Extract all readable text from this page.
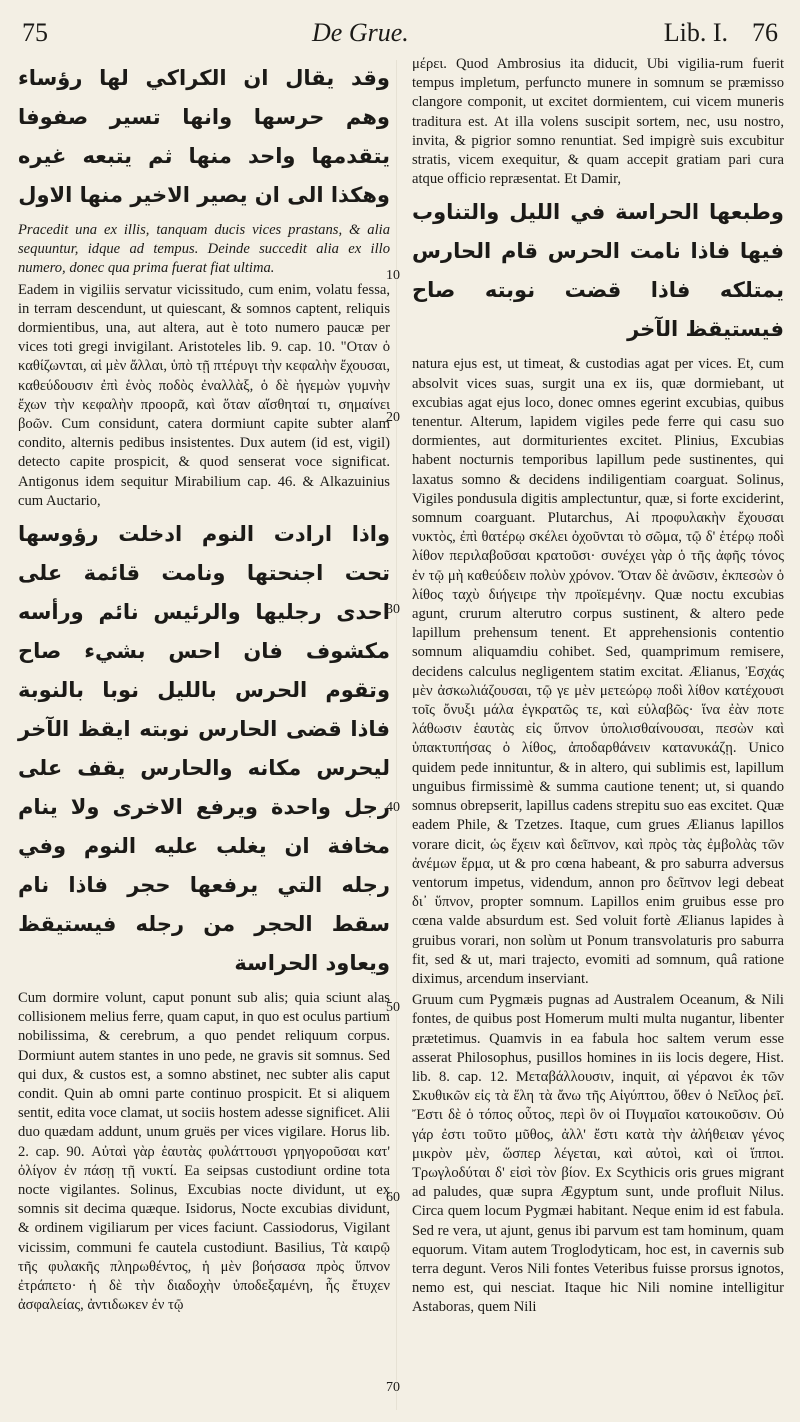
75	De Grue.	Lib. I. 76
10
20
30
40
50
60
70
وقد يقال ان الكراكي لها رؤساء وهم حرسها وانها تسير صفوفا يتقدمها واحد منها ثم يتبعه غيره وهكذا الى ان يصير الاخير منها الاول

Pracedit una ex illis, tanquam ducis vices prastans, & alia sequuntur, idque ad tempus. Deinde succedit alia ex illo numero, donec qua prima fuerat fiat ultima.

Eadem in vigiliis servatur vicissitudo, cum enim, volatu fessa, in terram descendunt, ut quiescant, & somnos captent, reliquis dormientibus, una, aut altera, aut è toto numero paucæ per vices toti gregi invigilant. Aristoteles lib. 9. cap. 10. "Οταν ὁ καθίζωνται, αἱ μὲν ἄλλαι, ὑπὸ τῇ πτέρυγι τὴν κεφαλὴν ἔχουσαι, καθεύδουσιν ἐπὶ ἑνὸς ποδὸς ἐναλλὰξ, ὁ δὲ ἡγεμὼν γυμνὴν ἔχων τὴν κεφαλὴν προορᾶ, καὶ ὅταν αἴσθηταί τι, σημαίνει βοῶν. Cum considunt, catera dormiunt capite subter alam condito, alternis pedibus insistentes. Dux autem (id est, vigil) detecto capite prospicit, & quod senserat voce significat. Antigonus idem sequitur Mirabilium cap. 46. & Alkazuinius cum Auctario,

واذا ارادت النوم ادخلت رؤوسها تحت اجنحتها ونامت قائمة على احدى رجليها والرئيس نائم ورأسه مكشوف فان احس بشيء صاح وتقوم الحرس بالليل نوبا بالنوبة فاذا قضى الحارس نوبته ايقظ الآخر ليحرس مكانه والحارس يقف على رجل واحدة ويرفع الاخرى ولا ينام مخافة ان يغلب عليه النوم وفي رجله التي يرفعها حجر فاذا نام سقط الحجر من رجله فيستيقظ ويعاود الحراسة

Cum dormire volunt, caput ponunt sub alis; quia sciunt alas collisionem melius ferre, quam caput, in quo est oculus partium nobilissima, & cerebrum, a quo pendet reliquum corpus. Dormiunt autem stantes in uno pede, ne gravis sit somnus. Sed qui dux, & custos est, a somno abstinet, nec subter alis caput condit. Quin ab omni parte continuo prospicit. Et si aliquem sentit, edita voce clamat, ut sociis hostem adesse significet. Alii duo quædam addunt, unum gruës per vices vigilare. Horus lib. 2. cap. 90. Αὐταὶ γὰρ ἑαυτὰς φυλάττουσι γρηγοροῦσαι κατ' ὀλίγον ἐν πάσῃ τῇ νυκτί. Ea seipsas custodiunt ordine tota nocte vigilantes. Solinus, Excubias nocte dividunt, ut ex somnis sit decima quæque. Isidorus, Nocte excubias dividunt, & ordinem vigiliarum per vices faciunt. Cassiodorus, Vigilant vicissim, communi fe cautela custodiunt. Basilius, Τὰ καιρῷ τῆς φυλακῆς πληρωθέντος, ἡ μὲν βοήσασα πρὸς ὕπνον ἐτράπετο· ἡ δὲ τὴν διαδοχὴν ὑποδεξαμένη, ἧς ἔτυχεν ἀσφαλείας, ἀντιδωκεν ἐν τῷ

μέρει. Quod Ambrosius ita diducit, Ubi vigilia-rum fuerit tempus impletum, perfuncto munere in somnum se præmisso clangore componit, ut excitet dormientem, cui vicem muneris traditura est. At illa volens suscipit sortem, nec, usu nostro, invita, & pigrior somno renuntiat. Sed impigrè suis excubitur stratis, vicem exequitur, & quam accepit gratiam pari cura atque officio repræsentat. Et Damir,

وطبعها الحراسة في الليل والتناوب فيها فاذا نامت الحرس قام الحارس يمتلكه فاذا قضت نوبته صاح فيستيقظ الآخر

natura ejus est, ut timeat, & custodias agat per vices. Et, cum absolvit vices suas, surgit una ex iis, quæ dormiebant, ut excubias agat ejus loco, donec omnes egerint excubias, quibus tenentur. Alterum, lapidem vigiles pede ferre qui casu suo dormientes, aut dormiturientes excitet. Plinius, Excubias habent nocturnis temporibus lapillum pede sustinentes, qui laxatus somno & decidens indiligentiam coarguat. Solinus, Vigiles pondusula digitis amplectuntur, quæ, si forte exciderint, somnum coarguant. Plutarchus, Αἱ προφυλακὴν ἔχουσαι νυκτὸς, ἐπὶ θατέρῳ σκέλει ὀχοῦνται τὸ σῶμα, τῷ δ' ἑτέρῳ ποδὶ λίθον περιλαβοῦσαι κρατοῦσι· συνέχει γὰρ ὁ τῆς ἀφῆς τόνος ἐν τῷ μὴ καθεύδειν πολὺν χρόνον. Ὅταν δὲ ἀνῶσιν, ἐκπεσὼν ὁ λίθος ταχὺ διήγειρε τὴν προϊεμένην. Quæ noctu excubias agunt, crurum alterutro corpus sustinent, & altero pede lapillum prehensum tenent. Et apprehensionis contentio somnum aliquamdiu cohibet. Sed, quamprimum remisere, decidens calculus negligentem statim excitat. Ælianus, Ἐσχάς μὲν ἀσκωλιάζουσαι, τῷ γε μὲν μετεώρῳ ποδὶ λίθον κατέχουσι τοῖς ὄνυξι μάλα ἐγκρατῶς τε, καὶ εὐλαβῶς· ἵνα ἐὰν ποτε λάθωσιν ἑαυτὰς εἰς ὕπνον ὑπολισθαίνουσαι, πεσὼν καὶ ὑπακτυπήσας ὁ λίθος, ἀποδαρθάνειν κατανυκάζῃ. Unico quidem pede innituntur, & in altero, qui sublimis est, lapillum unguibus firmissimè & summa cautione tenent; ut, si quando somnus obrepserit, lapillus cadens strepitu suo eas excitet. Quæ eadem Phile, & Tzetzes. Itaque, cum grues Ælianus lapillos vorare dicit, ὡς ἔχειν καὶ δεῖπνον, καὶ πρὸς τὰς ἐμβολὰς τῶν ἀνέμων ἕρμα, ut & pro cœna habeant, & pro saburra adversus ventorum impetus, videndum, annon pro δεῖπνον legi debeat δι᾽ ὕπνον, propter somnum. Lapillos enim gruibus esse pro cœna valde absurdum est. Sed voluit fortè Ælianus lapides à gruibus vorari, non solùm ut Ponum transvolaturis pro saburra fit, sed & ut, mari trajecto, evomiti ad somnum, quâ ratione diximus, arcendum inserviant.

Gruum cum Pygmæis pugnas ad Australem Oceanum, & Nili fontes, de quibus post Homerum multi multa nugantur, libenter prætetimus. Quamvis in ea fabula hoc saltem verum esse asserat Philosophus, pusillos homines in iis locis degere, Hist. lib. 8. cap. 12. Μεταβάλλουσιν, inquit, αἱ γέρανοι ἐκ τῶν Σκυθικῶν εἰς τὰ ἕλη τὰ ἄνω τῆς Αἰγύπτου, ὅθεν ὁ Νεῖλος ῥεῖ. Ἔστι δὲ ὁ τόπος οὗτος, περὶ ὃν οἱ Πυγμαῖοι κατοικοῦσιν. Οὐ γάρ ἐστι τοῦτο μῦθος, ἀλλ' ἔστι κατὰ τὴν ἀλήθειαν γένος μικρὸν μὲν, ὥσπερ λέγεται, καὶ αὐτοὶ, καὶ οἱ ἵπποι. Τρωγλοδύται δ' εἰσὶ τὸν βίον. Ex Scythicis oris grues migrant ad paludes, quæ supra Ægyptum sunt, unde profluit Nilus. Circa quem locum Pygmæi habitant. Neque enim id est fabula. Sed re vera, ut ajunt, genus ibi parvum est tam hominum, quam equorum. Vitam autem Troglodyticam, hoc est, in cavernis sub terra degunt. Veros Nili fontes Veteribus fuisse prorsus ignotos, nemo est, qui nesciat. Itaque hic Nili nomine intelligitur Astaboras, quem Nili
